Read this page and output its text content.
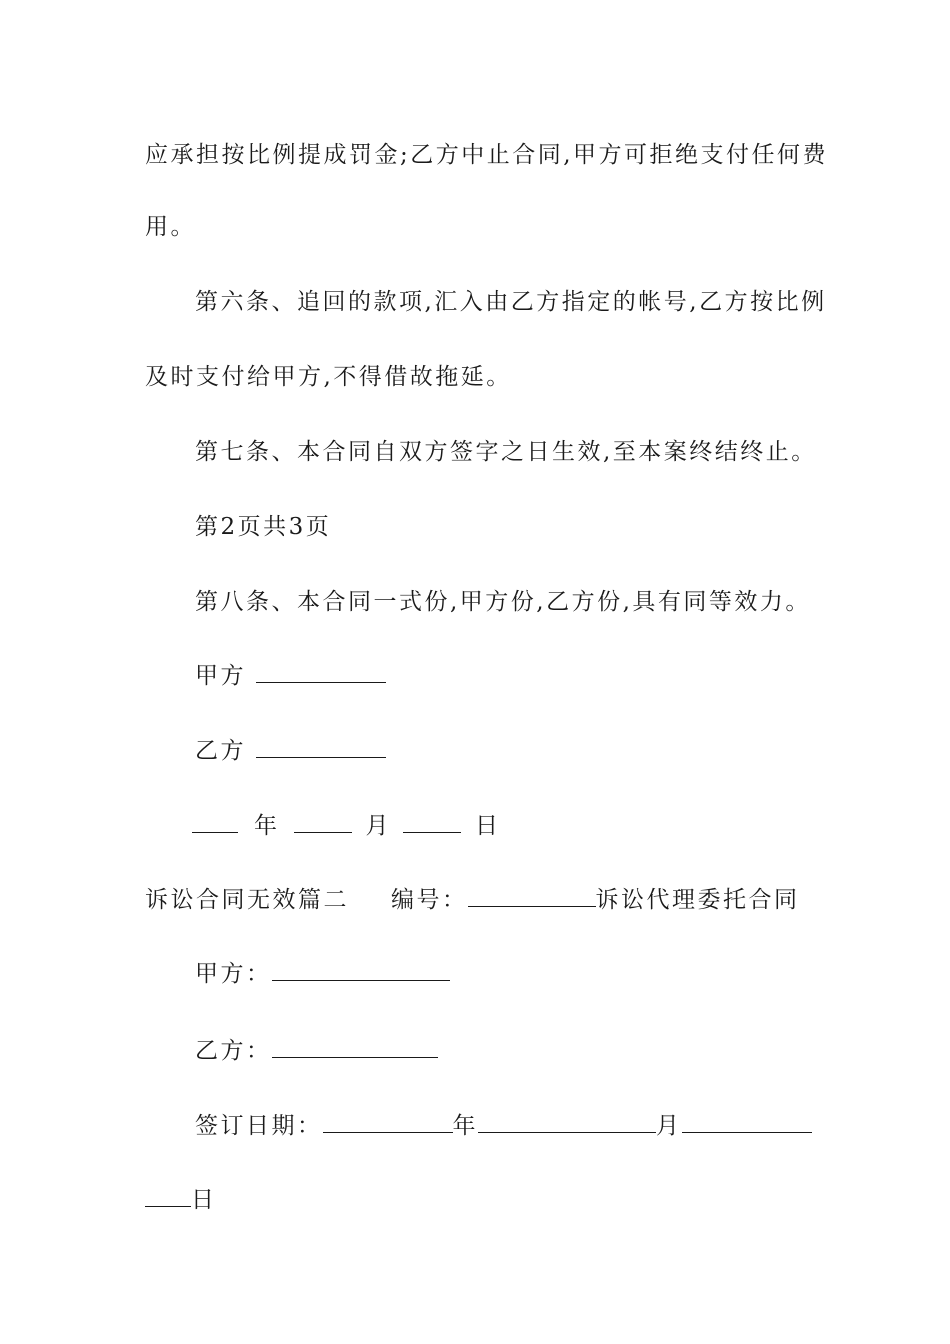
应承担按比例提成罚金;乙方中止合同,甲方可拒绝支付任何费
用。
第六条、追回的款项,汇入由乙方指定的帐号,乙方按比例
及时支付给甲方,不得借故拖延。
第七条、本合同自双方签字之日生效,至本案终结终止。
第2页共3页
第八条、本合同一式份,甲方份,乙方份,具有同等效力。
甲方
乙方
年	月	日
诉讼合同无效篇二 编号：	诉讼代理委托合同
甲方：
乙方：
签订日期：	年	月
日
